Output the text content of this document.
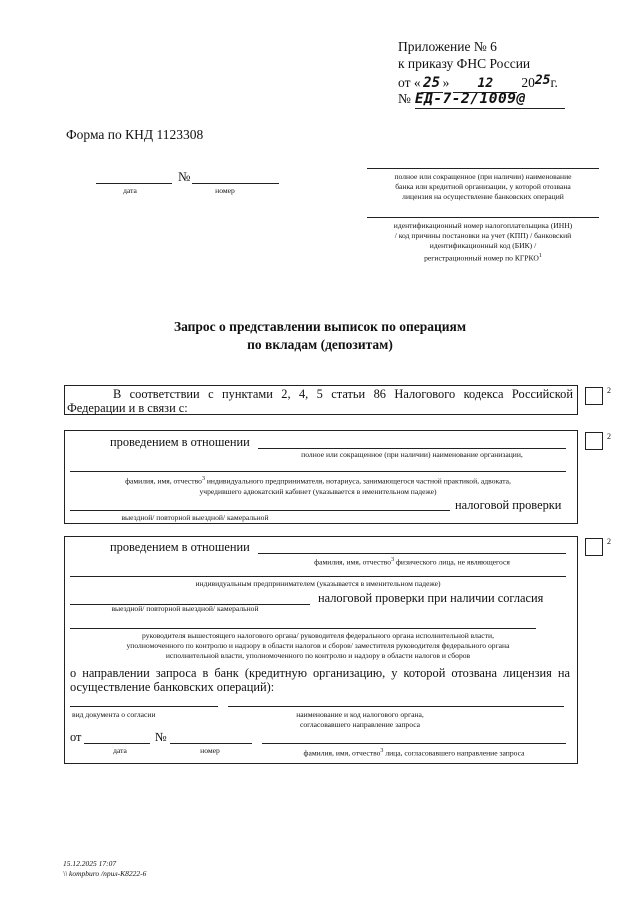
Приложение № 6
к приказу ФНС России
от « 25 » 12 2025г.
№ ЕД-7-2/1009@
Форма по КНД 1123308
№
дата	номер
полное или сокращенное (при наличии) наименование
банка или кредитной организации, у которой отозвана
лицензия на осуществление банковских операций
идентификационный номер налогоплательщика (ИНН)
/ код причины постановки на учет (КПП) / банковский
идентификационный код (БИК) /
регистрационный номер по КГРКО$^1$
Запрос о представлении выписок по операциям
по вкладам (депозитам)
В соответствии с пунктами 2, 4, 5 статьи 86 Налогового кодекса Российской
Федерации и в связи с:
2
проведением в отношении
полное или сокращенное (при наличии) наименование организации,
фамилия, имя, отчество$^3$ индивидуального предпринимателя, нотариуса, занимающегося частной практикой, адвоката,
учредившего адвокатский кабинет (указывается в именительном падеже)
налоговой проверки
выездной/ повторной выездной/ камеральной
2
проведением в отношении
фамилия, имя, отчество$^3$ физического лица, не являющегося
индивидуальным предпринимателем (указывается в именительном падеже)
налоговой проверки при наличии согласия
выездной/ повторной выездной/ камеральной
руководителя вышестоящего налогового органа/ руководителя федерального органа исполнительной власти,
уполномоченного по контролю и надзору в области налогов и сборов/ заместителя руководителя федерального органа
исполнительной власти, уполномоченного по контролю и надзору в области налогов и сборов
о направлении запроса в банк (кредитную организацию, у которой отозвана лицензия на
осуществление банковских операций):
вид документа о согласии	наименование и код налогового органа,
согласовавшего направление запроса
от	№
дата	номер	фамилия, имя, отчество$^3$ лица, согласовавшего направление запроса
2
15.12.2025 17:07
\\ kompburo /прил-К8222-6
